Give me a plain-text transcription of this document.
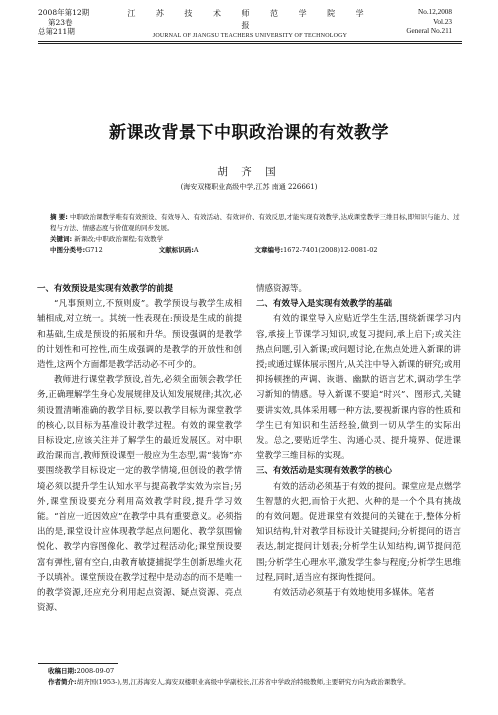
2008年第12期
第23卷
总第211期
江 苏 技 术 师 范 学 院 学 报
JOURNAL OF JIANGSU TEACHERS UNIVERSITY OF TECHNOLOGY
No.12,2008
Vol.23
General No.211
新课改背景下中职政治课的有效教学
胡 齐 国
(海安双楼职业高级中学,江苏 南通 226661)
摘 要: 中职政治课教学唯有有效预设、有效导入、有效活动、有效评价、有效反思,才能实现有效教学,达成课堂教学三维目标,即知识与能力、过程与方法、情感态度与价值观的同步发展。
关键词: 新课改;中职政治课程;有效教学
中图分类号:G712	文献标识码:A	文章编号:1672-7401(2008)12-0081-02
一、有效预设是实现有效教学的前提

“凡事预则立,不预则废”。教学预设与教学生成相辅相成,对立统一。其统一性表现在:预设是生成的前提和基础,生成是预设的拓展和升华。预设强调的是教学的计划性和可控性,而生成强调的是教学的开放性和创造性,这两个方面都是教学活动必不可少的。

教师进行课堂教学预设,首先,必须全面领会教学任务,正确理解学生身心发展规律及认知发展规律;其次,必须设置清晰准确的教学目标,要以教学目标为课堂教学的核心,以目标为基准设计教学过程。有效的课堂教学目标设定,应该关注并了解学生的最近发展区。对中职政治课而言,教师预设课型一般应为生态型,需“装饰”亦要围绕教学目标设定一定的教学情境,但创设的教学情境必须以提升学生认知水平与提高教学实效为宗旨;另外,课堂预设要充分利用高效教学时段,提升学习效能。“首应一近因效应”在教学中具有重要意义。必须指出的是,课堂设计应体现教学起点问题化、教学氛围愉悦化、教学内容图像化、教学过程活动化;课堂预设要富有弹性,留有空白,由教育敏捷捕捉学生创新思维火花予以填补。课堂预设在教学过程中是动态的而不是唯一的教学资源,还应充分利用起点资源、疑点资源、亮点资源、

情感资源等。

二、有效导入是实现有效教学的基础

有效的课堂导入应贴近学生生活,围绕新课学习内容,承接上节课学习知识,或复习提问,承上启下;或关注热点问题,引入新课;或问题讨论,在焦点处进入新课的讲授;或通过媒体展示图片,从关注中导入新课的研究;或用抑扬顿挫的声调、诙谐、幽默的语言艺术,调动学生学习新知的情感。导入新课不要追“时兴”、图形式,关键要讲实效,具体采用哪一种方法,要视新课内容的性质和学生已有知识和生活经验,做到一切从学生的实际出发。总之,要贴近学生、沟通心灵、提升境界、促进课堂教学三维目标的实现。

三、有效活动是实现有效教学的核心

有效的活动必须基于有效的提问。课堂应是点燃学生智慧的火把,而恰于火把、火种的是一个个具有挑战的有效问题。促进课堂有效提问的关键在于,整体分析知识结构,针对教学目标设计关键提问;分析提问的语言表达,制定提问计划表;分析学生认知结构,调节提问范围;分析学生心理水平,激发学生参与程度;分析学生思维过程,同时,适当应有探询性提问。

有效活动必须基于有效地使用多媒体。笔者

收稿日期:2008-09-07
作者简介:胡齐国(1953-),男,江苏海安人,海安双楼职业高级中学副校长,江苏省中学政治特级教师,主要研究方向为政治课教学。
